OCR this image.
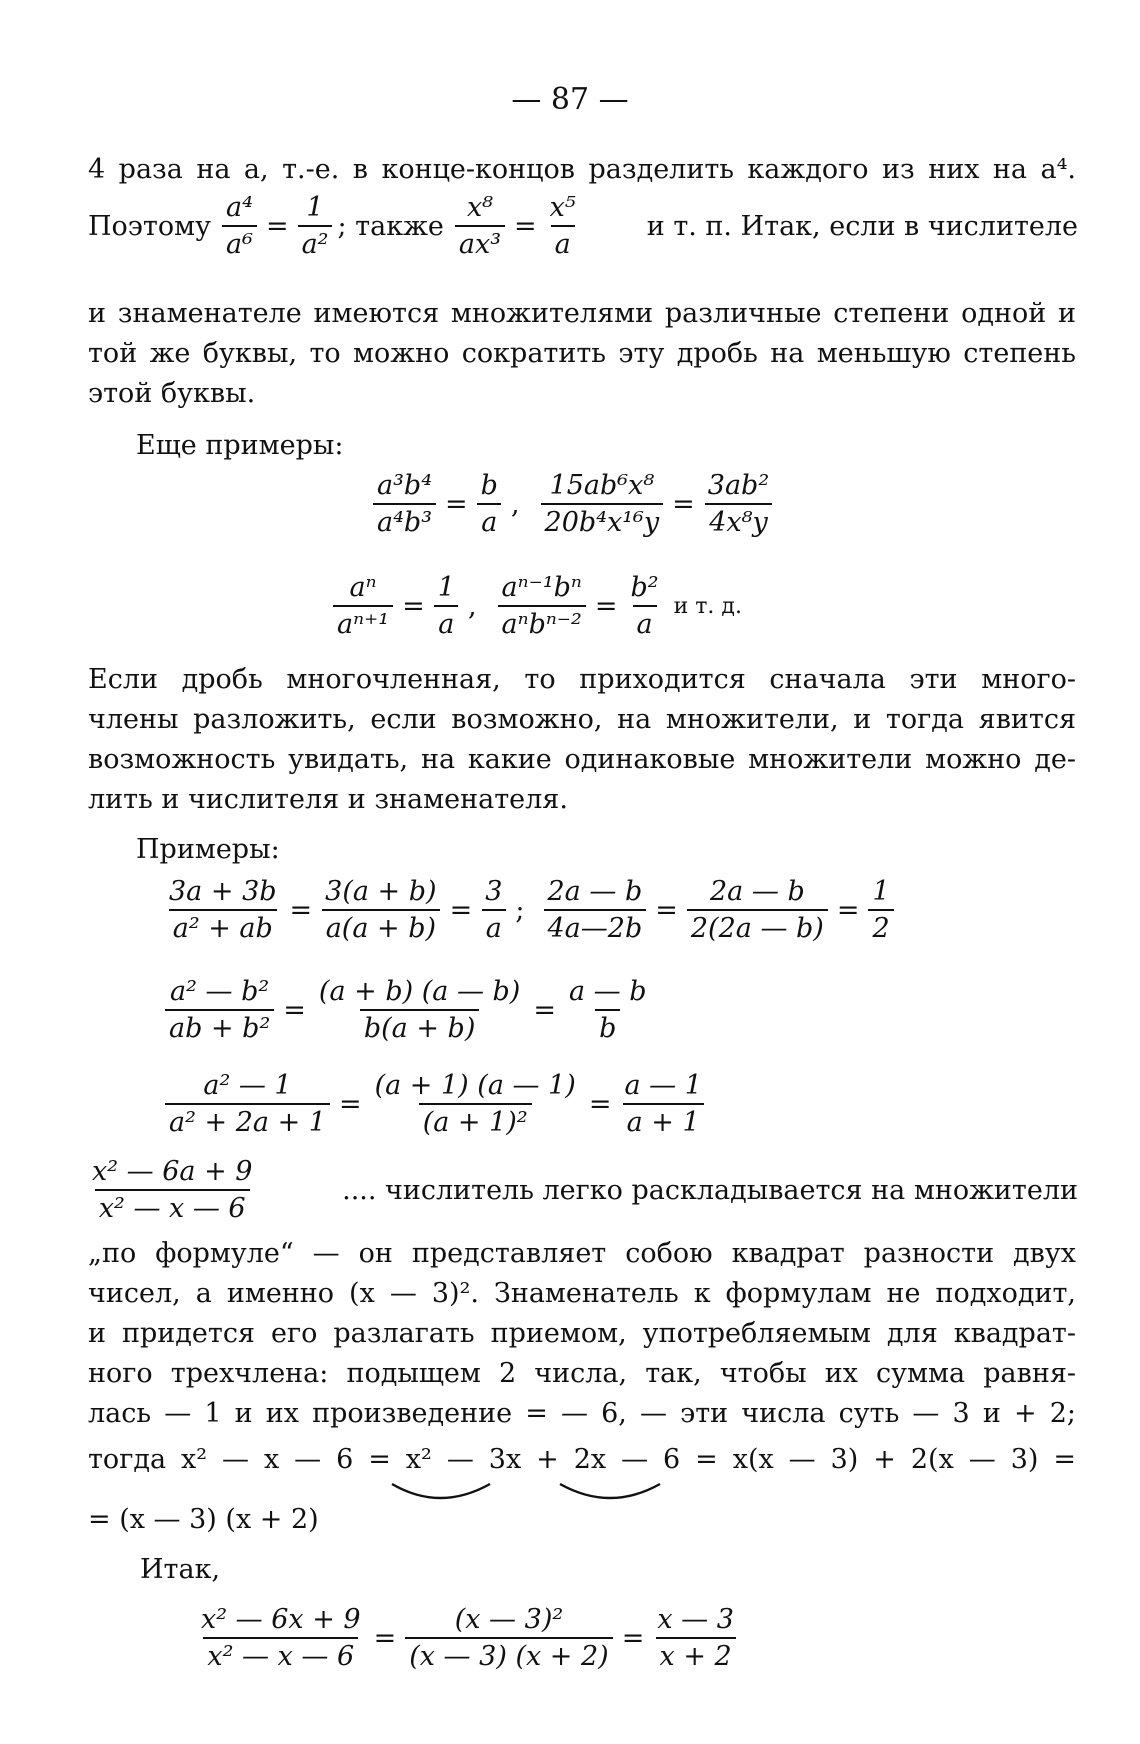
— 87 —
4 раза на a, т.-е. в конце-концов разделить каждого из них на a⁴.
Поэтому $\frac{\text{a⁴}}{\text{a⁶}} = \frac{1}{\text{a²}}$ ; также $\frac{\text{x⁸}}{\text{ax³}} = \frac{\text{x⁵}}{a}$ и т. п. Итак, если в числителе
и знаменателе имеются множителями различные степени одной и
той же буквы, то можно сократить эту дробь на меньшую степень
этой буквы.
Еще примеры:
$\frac{\text{a³b⁴}}{\text{a⁴b³}} = \frac{b}{a}$ , $\frac{\text{15ab⁶x⁸}}{\text{20b⁴x¹⁶y}} = \frac{\text{3ab²}}{\text{4x⁸y}}$
$\frac{\text{aⁿ}}{\text{aⁿ⁺¹}} = \frac{1}{a}$ , $\frac{\text{aⁿ⁻¹bⁿ}}{\text{aⁿbⁿ⁻²}} = \frac{\text{b²}}{a}$ и т. д.
Если дробь многочленная, то приходится сначала эти много-
члены разложить, если возможно, на множители, и тогда явится
возможность увидать, на какие одинаковые множители можно де-
лить и числителя и знаменателя.
Примеры:
$\frac{3a + 3b}{\text{a² + ab}} = \frac{3(a + b)}{a(a + b)} = \frac{3}{a}$ ; $\frac{2a — b}{4a—2b} = \frac{2a — b}{2(2a — b)} = \frac{1}{2}$
$\frac{\text{a² — b²}}{\text{ab + b²}} = \frac{(a + b) (a — b)}{b(a + b)} = \frac{a — b}{b}$
$\frac{\text{a² — 1}}{\text{a² + 2a + 1}} = \frac{(a + 1) (a — 1)}{\text{(a + 1)²}} = \frac{a — 1}{a + 1}$
$\frac{\text{x² — 6a + 9}}{\text{x² — x — 6}}$	.... числитель легко раскладывается на множители
„по формуле“ — он представляет собою квадрат разности двух
чисел, а именно (x — 3)². Знаменатель к формулам не подходит,
и придется его разлагать приемом, употребляемым для квадрат-
ного трехчлена: подыщем 2 числа, так, чтобы их сумма равня-
лась — 1 и их произведение = — 6, — эти числа суть — 3 и + 2;
тогда x² — x — 6 = x² — 3x + 2x — 6 = x(x — 3) + 2(x — 3) =
= (x — 3) (x + 2)
Итак,
$\frac{\text{x² — 6x + 9}}{\text{x² — x — 6}} = \frac{\text{(x — 3)²}}{(x — 3) (x + 2)} = \frac{x — 3}{x + 2}$
